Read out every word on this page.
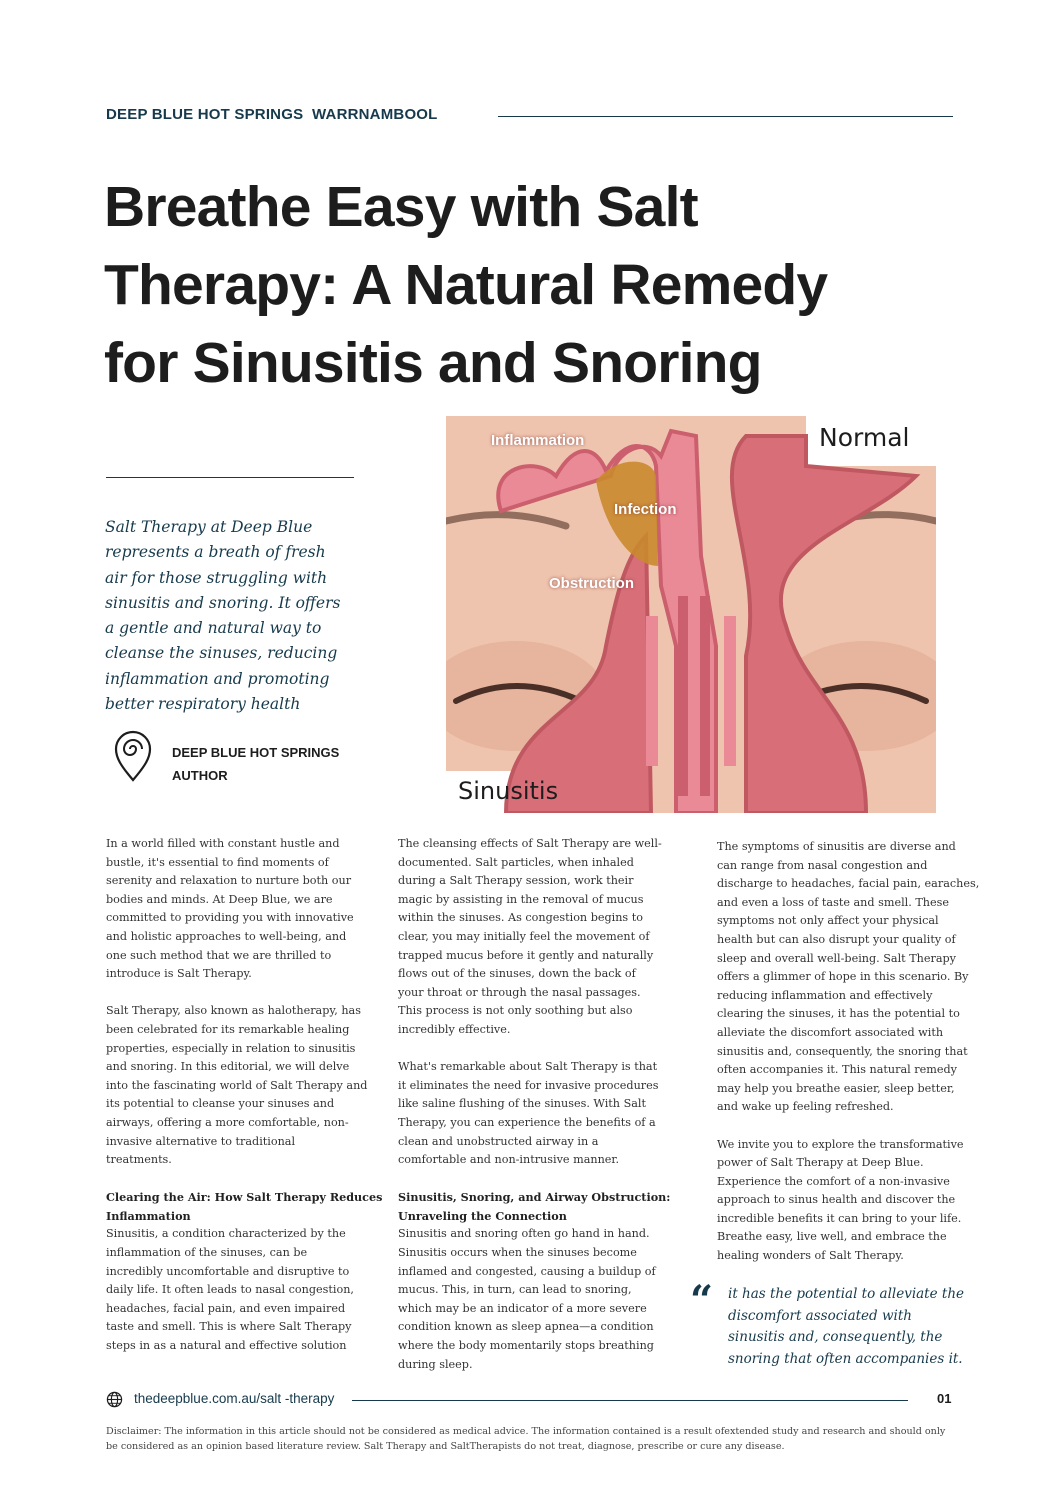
DEEP BLUE HOT SPRINGS  WARRNAMBOOL
Breathe Easy with Salt
Therapy: A Natural Remedy
for Sinusitis and Snoring
Salt Therapy at Deep Blue
represents a breath of fresh
air for those struggling with
sinusitis and snoring. It offers
a gentle and natural way to
cleanse the sinuses, reducing
inflammation and promoting
better respiratory health
DEEP BLUE HOT SPRINGS
AUTHOR
Inflammation
Infection
Obstruction
Normal
Sinusitis

In a world filled with constant hustle and

bustle, it's essential to find moments of

serenity and relaxation to nurture both our

bodies and minds. At Deep Blue, we are

committed to providing you with innovative

and holistic approaches to well-being, and

one such method that we are thrilled to

introduce is Salt Therapy.

Salt Therapy, also known as halotherapy, has

been celebrated for its remarkable healing

properties, especially in relation to sinusitis

and snoring. In this editorial, we will delve

into the fascinating world of Salt Therapy and

its potential to cleanse your sinuses and

airways, offering a more comfortable, non-

invasive alternative to traditional

treatments.

Clearing the Air: How Salt Therapy Reduces

Inflammation

Sinusitis, a condition characterized by the

inflammation of the sinuses, can be

incredibly uncomfortable and disruptive to

daily life. It often leads to nasal congestion,

headaches, facial pain, and even impaired

taste and smell. This is where Salt Therapy

steps in as a natural and effective solution

The cleansing effects of Salt Therapy are well-

documented. Salt particles, when inhaled

during a Salt Therapy session, work their

magic by assisting in the removal of mucus

within the sinuses. As congestion begins to

clear, you may initially feel the movement of

trapped mucus before it gently and naturally

flows out of the sinuses, down the back of

your throat or through the nasal passages.

This process is not only soothing but also

incredibly effective.

What's remarkable about Salt Therapy is that

it eliminates the need for invasive procedures

like saline flushing of the sinuses. With Salt

Therapy, you can experience the benefits of a

clean and unobstructed airway in a

comfortable and non-intrusive manner.

Sinusitis, Snoring, and Airway Obstruction:

Unraveling the Connection

Sinusitis and snoring often go hand in hand.

Sinusitis occurs when the sinuses become

inflamed and congested, causing a buildup of

mucus. This, in turn, can lead to snoring,

which may be an indicator of a more severe

condition known as sleep apnea—a condition

where the body momentarily stops breathing

during sleep.

The symptoms of sinusitis are diverse and

can range from nasal congestion and

discharge to headaches, facial pain, earaches,

and even a loss of taste and smell. These

symptoms not only affect your physical

health but can also disrupt your quality of

sleep and overall well-being. Salt Therapy

offers a glimmer of hope in this scenario. By

reducing inflammation and effectively

clearing the sinuses, it has the potential to

alleviate the discomfort associated with

sinusitis and, consequently, the snoring that

often accompanies it. This natural remedy

may help you breathe easier, sleep better,

and wake up feeling refreshed.

We invite you to explore the transformative

power of Salt Therapy at Deep Blue.

Experience the comfort of a non-invasive

approach to sinus health and discover the

incredible benefits it can bring to your life.

Breathe easy, live well, and embrace the

healing wonders of Salt Therapy.

“ it has the potential to alleviate the
discomfort associated with
sinusitis and, consequently, the
snoring that often accompanies it.
thedeepblue.com.au/salt -therapy	01
Disclaimer: The information in this article should not be considered as medical advice. The information contained is a result ofextended study and research and should only
be considered as an opinion based literature review. Salt Therapy and SaltTherapists do not treat, diagnose, prescribe or cure any disease.
